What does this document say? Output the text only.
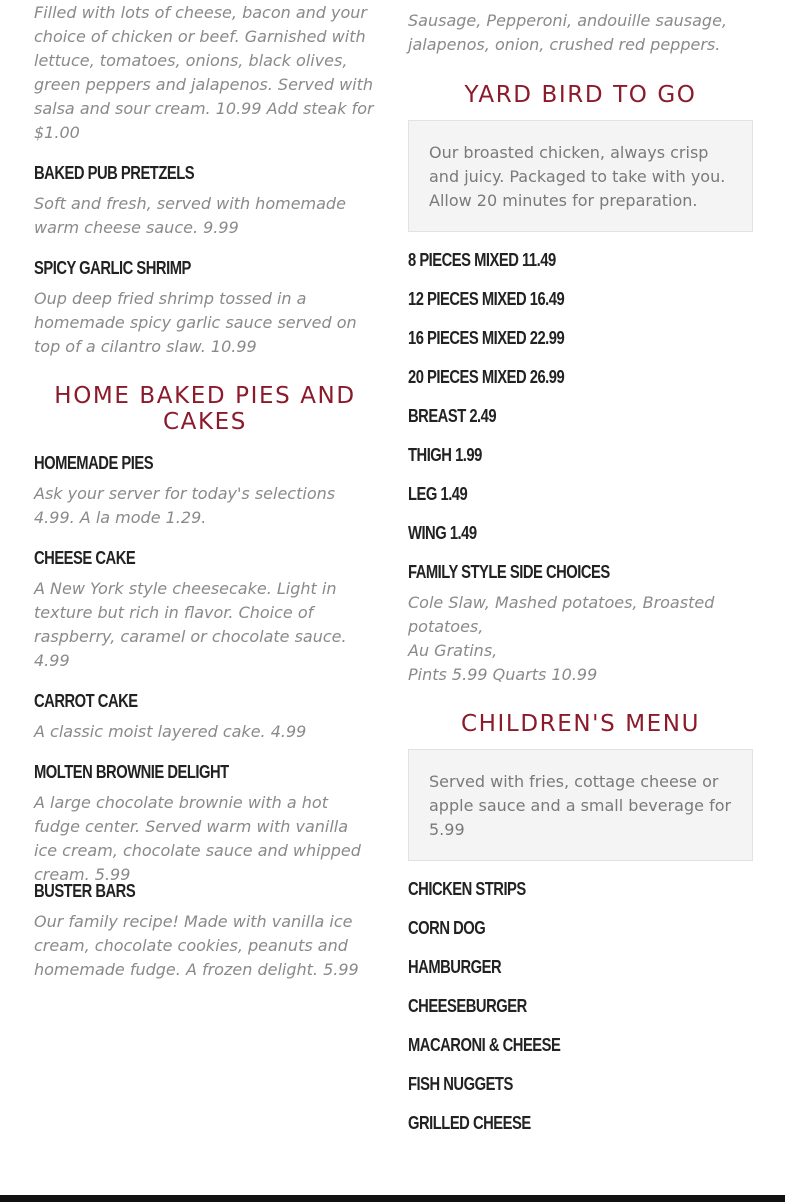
Filled with lots of cheese, bacon and your choice of chicken or beef. Garnished with lettuce, tomatoes, onions, black olives, green peppers and jalapenos. Served with salsa and sour cream. 10.99 Add steak for $1.00

BAKED PUB PRETZELS

Soft and fresh, served with homemade warm cheese sauce. 9.99

SPICY GARLIC SHRIMP

Oup deep fried shrimp tossed in a homemade spicy garlic sauce served on top of a cilantro slaw. 10.99

HOME BAKED PIES AND CAKES

HOMEMADE PIES

Ask your server for today's selections 4.99. A la mode 1.29.

CHEESE CAKE

A New York style cheesecake. Light in texture but rich in flavor. Choice of raspberry, caramel or chocolate sauce. 4.99

CARROT CAKE

A classic moist layered cake. 4.99

MOLTEN BROWNIE DELIGHT

A large chocolate brownie with a hot fudge center. Served warm with vanilla ice cream, chocolate sauce and whipped cream. 5.99

BUSTER BARS

Our family recipe! Made with vanilla ice cream, chocolate cookies, peanuts and homemade fudge. A frozen delight. 5.99

Sausage, Pepperoni, andouille sausage, jalapenos, onion, crushed red peppers.

YARD BIRD TO GO

Our broasted chicken, always crisp and juicy. Packaged to take with you. Allow 20 minutes for preparation.

8 PIECES MIXED 11.49

12 PIECES MIXED 16.49

16 PIECES MIXED 22.99

20 PIECES MIXED 26.99

BREAST 2.49

THIGH 1.99

LEG 1.49

WING 1.49

FAMILY STYLE SIDE CHOICES

Cole Slaw, Mashed potatoes, Broasted potatoes,
Au Gratins,
Pints 5.99 Quarts 10.99

CHILDREN'S MENU

Served with fries, cottage cheese or apple sauce and a small beverage for 5.99

CHICKEN STRIPS

CORN DOG

HAMBURGER

CHEESEBURGER

MACARONI & CHEESE

FISH NUGGETS

GRILLED CHEESE
